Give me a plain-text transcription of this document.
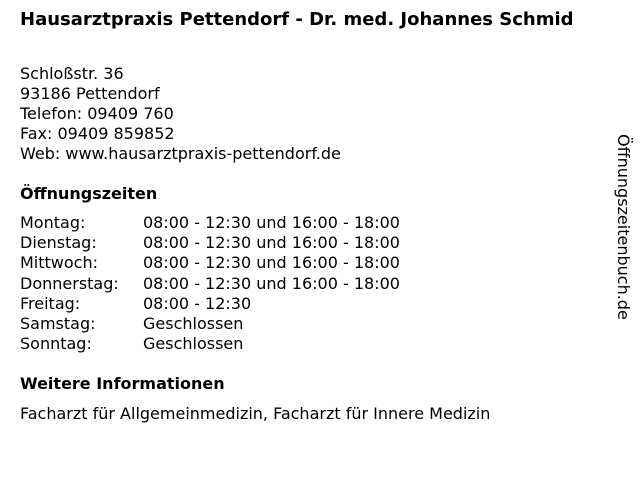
Hausarztpraxis Pettendorf - Dr. med. Johannes Schmid
Schloßstr. 36
93186 Pettendorf
Telefon: 09409 760
Fax: 09409 859852
Web: www.hausarztpraxis-pettendorf.de
Öffnungszeiten
Montag:	08:00 - 12:30 und 16:00 - 18:00
Dienstag:	08:00 - 12:30 und 16:00 - 18:00
Mittwoch:	08:00 - 12:30 und 16:00 - 18:00
Donnerstag:	08:00 - 12:30 und 16:00 - 18:00
Freitag:	08:00 - 12:30
Samstag:	Geschlossen
Sonntag:	Geschlossen
Weitere Informationen
Facharzt für Allgemeinmedizin, Facharzt für Innere Medizin
Öffnungszeitenbuch.de
